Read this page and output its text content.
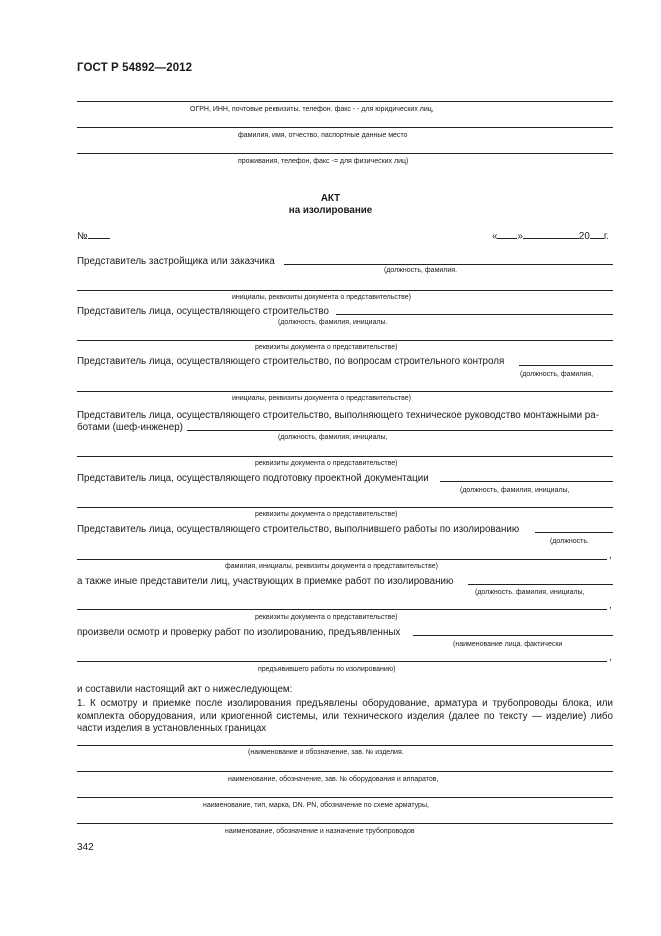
ГОСТ Р 54892—2012
ОГРН, ИНН, почтовые реквизиты. телефон. факс - - для юридических лиц,
фамилия, имя, отчество, паспортные данные место
проживания, телефон, факс -= для физических лиц)
АКТ
на изолирование
№	« »	20 г.
Представитель застройщика или заказчика
(должность, фамилия.
инициалы, реквизиты документа о представительстве)
Представитель лица, осуществляющего строительство
(должность, фамилия, инициалы.
реквизиты документа о представительстве)
Представитель лица, осуществляющего строительство, по вопросам строительного контроля
(должность, фамилия,
инициалы, реквизиты документа о представительстве)
Представитель лица, осуществляющего строительство, выполняющего техническое руководство монтажными ра-
ботами (шеф-инженер)
(должность, фамилия, инициалы,
реквизиты документа о представительстве)
Представитель лица, осуществляющего подготовку проектной документации
(должность, фамилия, инициалы,
реквизиты документа о представительстве)
Представитель лица, осуществляющего строительство, выполнившего работы по изолированию
(должность.
,
фамилия, инициалы, реквизиты документа о представительстве)
а также иные представители лиц, участвующих в приемке работ по изолированию
(должность. фамилия, инициалы,
,
реквизиты документа о представительстве)
произвели осмотр и проверку работ по изолированию, предъявленных
(наименование лица. фактически
,
предъявившего работы по изолированию)
и составили настоящий акт о нижеследующем:
1. К осмотру и приемке после изолирования предъявлены оборудование, арматура и трубопроводы блока, или комплекта оборудования, или криогенной системы, или технического изделия (далее по тексту — изделие) либо части изделия в установленных границах
(наименование и обозначение, зав. № изделия.
наименование, обозначение, зав. № оборудования и аппаратов,
наименование, тип, марка, DN. PN, обозначение по схеме арматуры,
наименование, обозначение и назначение трубопроводов
342
